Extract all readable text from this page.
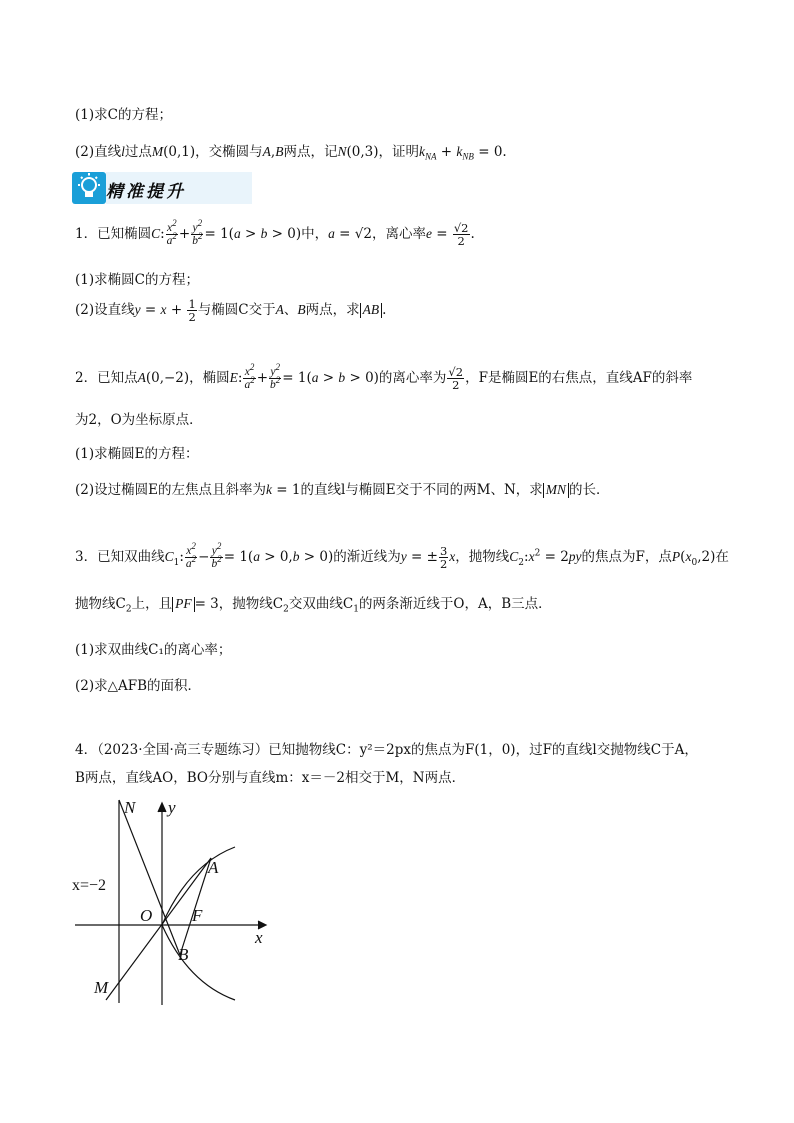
(1)求C的方程；
(2)直线l过点M(0,1)，交椭圆与A,B两点，记N(0,3)，证明$k_{NA} + k_{NB} = 0$.
精准提升
1．已知椭圆C: $\frac{x^2}{a^2} + \frac{y^2}{b^2} = 1(a > b > 0)$中，a = √2，离心率$e = \frac{√2}{2}$ .
(1)求椭圆C的方程；
(2)设直线$y = x + \frac{1}{2}$ 与椭圆C交于A、B两点，求 AB .
2．已知点A(0,−2)，椭圆E: $\frac{x^2}{a^2} + \frac{y^2}{b^2} = 1(a > b > 0)$的离心率为 $\frac{√2}{2}$ ，F是椭圆E的右焦点，直线AF的斜率
为2，O为坐标原点．
(1)求椭圆E的方程：
(2)设过椭圆E的左焦点且斜率为k = 1的直线l与椭圆E交于不同的两M、N，求 MN 的长．
3．已知双曲线$C_1$: $\frac{x^2}{a^2} - \frac{y^2}{b^2} = 1(a > 0,b > 0)$的渐近线为y = ± $\frac{3}{2}$ x，抛物线$C_2:x^2 = 2py$的焦点为F，点$P(x_0,2)$在
抛物线$C_2$上，且 PF = 3，抛物线$C_2$交双曲线$C_1$的两条渐近线于O，A，B三点．
(1)求双曲线C₁的离心率；
(2)求△AFB的面积．
4．（2023·全国·高三专题练习）已知抛物线C：y²＝2px的焦点为F(1，0)，过F的直线l交抛物线C于A，
B两点，直线AO，BO分别与直线m：x＝－2相交于M，N两点．
N y
x=−2
A
O F
x
B
M
